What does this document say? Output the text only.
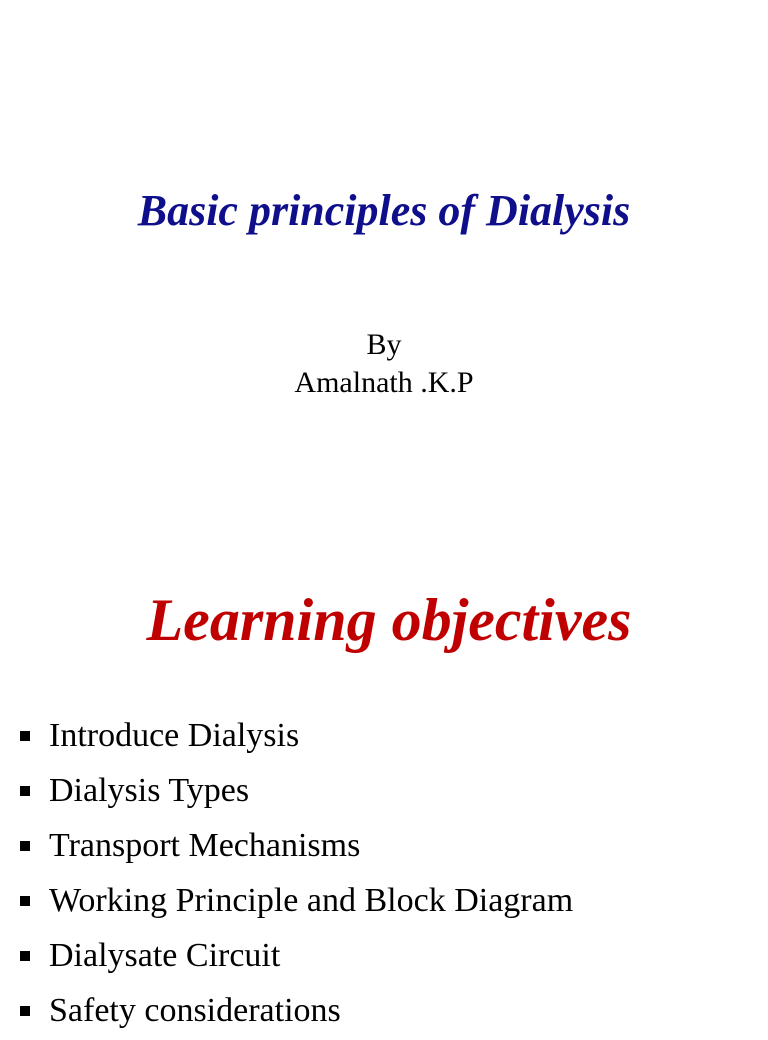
Basic principles of Dialysis
By
Amalnath .K.P
Learning objectives
Introduce Dialysis
Dialysis Types
Transport Mechanisms
Working Principle and Block Diagram
Dialysate Circuit
Safety considerations
